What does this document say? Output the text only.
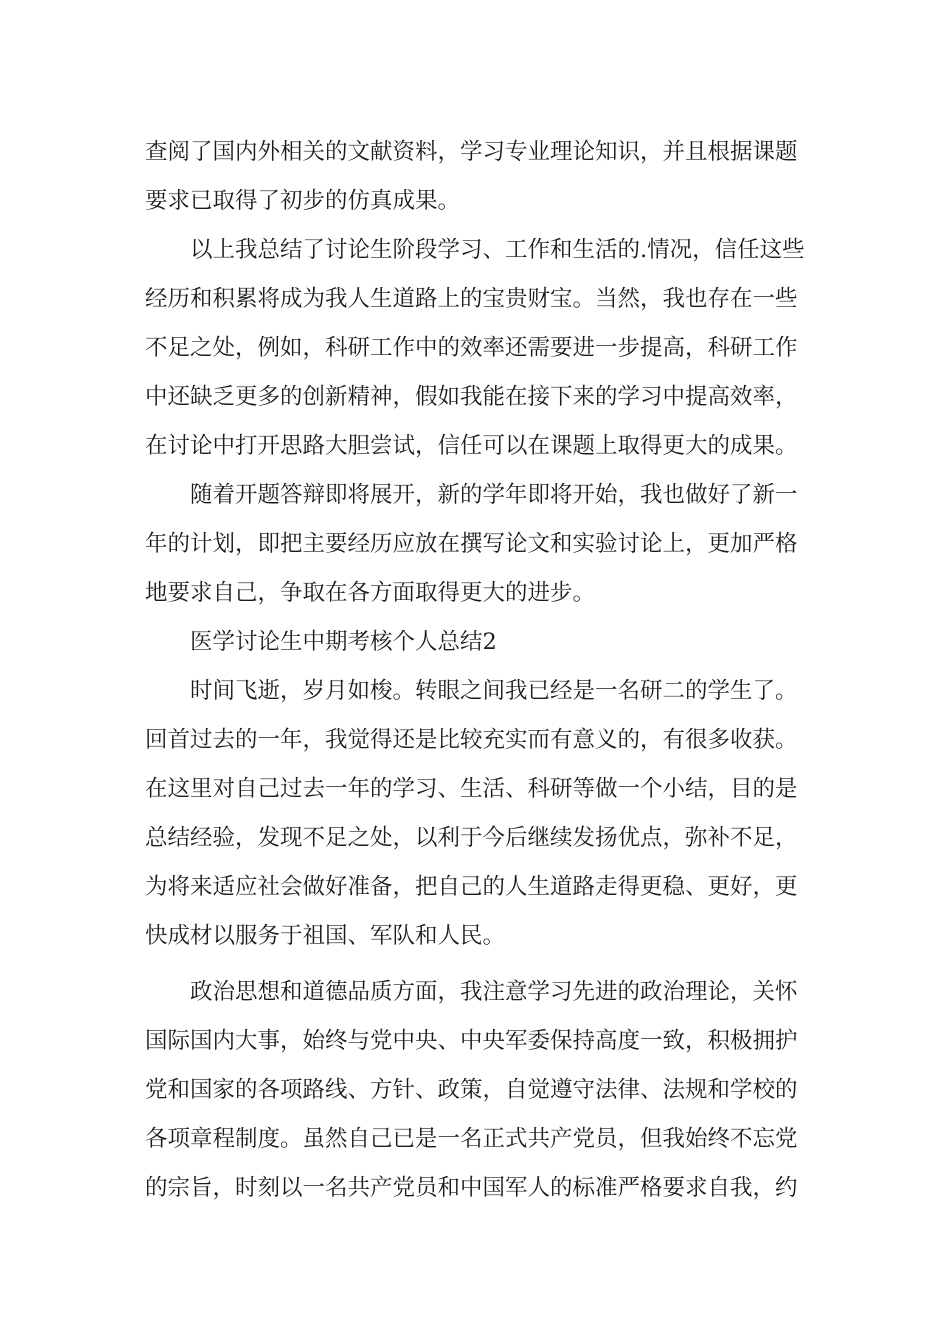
查阅了国内外相关的文献资料，学习专业理论知识，并且根据课题
要求已取得了初步的仿真成果。
以上我总结了讨论生阶段学习、工作和生活的.情况，信任这些
经历和积累将成为我人生道路上的宝贵财宝。当然，我也存在一些
不足之处，例如，科研工作中的效率还需要进一步提高，科研工作
中还缺乏更多的创新精神，假如我能在接下来的学习中提高效率，
在讨论中打开思路大胆尝试，信任可以在课题上取得更大的成果。
随着开题答辩即将展开，新的学年即将开始，我也做好了新一
年的计划，即把主要经历应放在撰写论文和实验讨论上，更加严格
地要求自己，争取在各方面取得更大的进步。
医学讨论生中期考核个人总结2
时间飞逝，岁月如梭。转眼之间我已经是一名研二的学生了。
回首过去的一年，我觉得还是比较充实而有意义的，有很多收获。
在这里对自己过去一年的学习、生活、科研等做一个小结，目的是
总结经验，发现不足之处，以利于今后继续发扬优点，弥补不足，
为将来适应社会做好准备，把自己的人生道路走得更稳、更好，更
快成材以服务于祖国、军队和人民。
政治思想和道德品质方面，我注意学习先进的政治理论，关怀
国际国内大事，始终与党中央、中央军委保持高度一致，积极拥护
党和国家的各项路线、方针、政策，自觉遵守法律、法规和学校的
各项章程制度。虽然自己已是一名正式共产党员，但我始终不忘党
的宗旨，时刻以一名共产党员和中国军人的标准严格要求自我，约
